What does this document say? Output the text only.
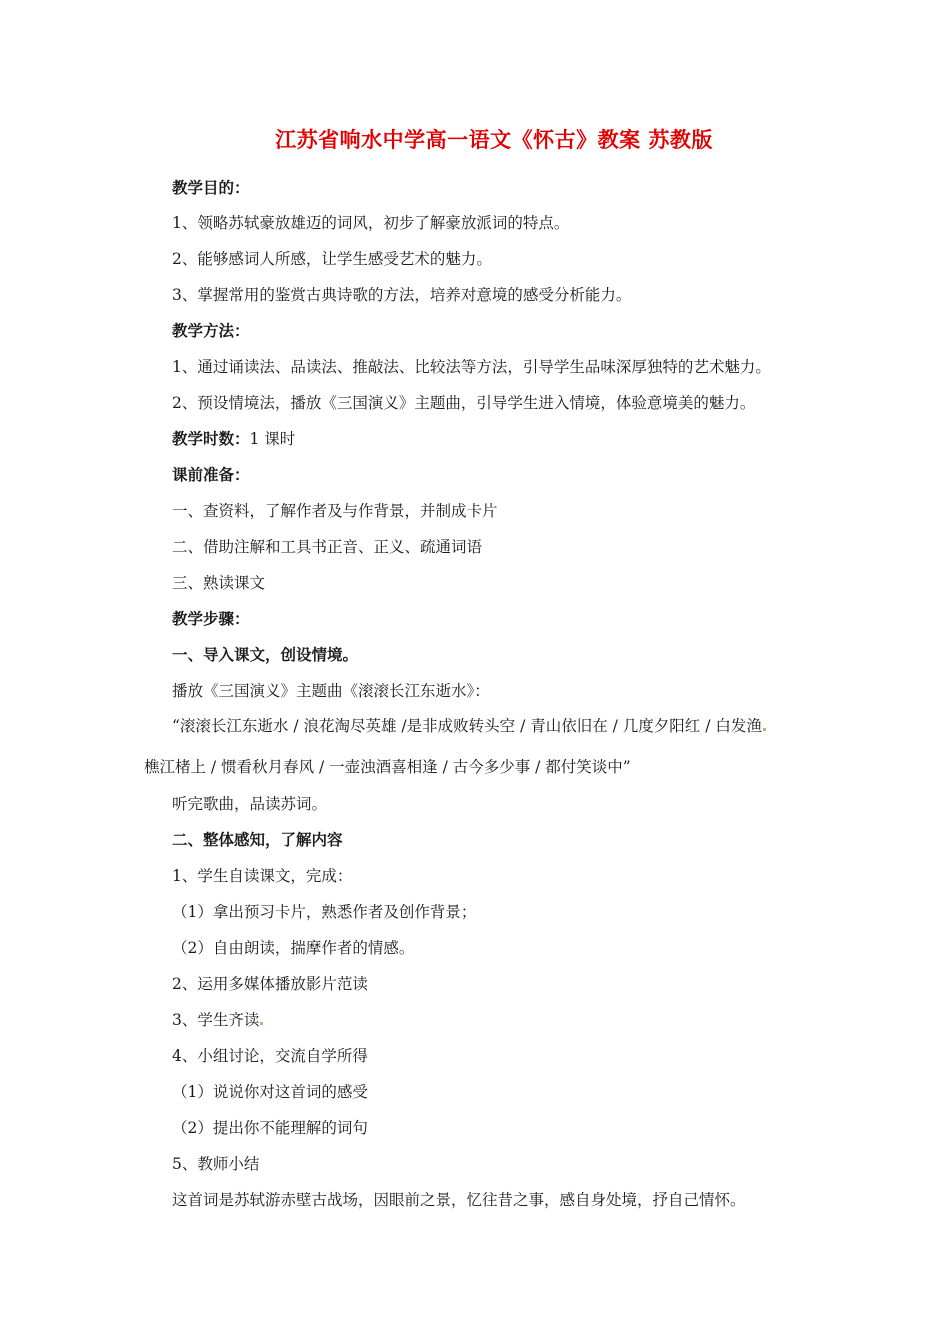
江苏省响水中学高一语文《怀古》教案 苏教版
教学目的：
1、领略苏轼豪放雄迈的词风，初步了解豪放派词的特点。
2、能够感词人所感，让学生感受艺术的魅力。
3、掌握常用的鉴赏古典诗歌的方法，培养对意境的感受分析能力。
教学方法：
1、通过诵读法、品读法、推敲法、比较法等方法，引导学生品味深厚独特的艺术魅力。
2、预设情境法，播放《三国演义》主题曲，引导学生进入情境，体验意境美的魅力。
教学时数：1 课时
课前准备：
一、查资料，了解作者及与作背景，并制成卡片
二、借助注解和工具书正音、正义、疏通词语
三、熟读课文
教学步骤：
一、导入课文，创设情境。
播放《三国演义》主题曲《滚滚长江东逝水》：
“滚滚长江东逝水 / 浪花淘尽英雄 /是非成败转头空 / 青山依旧在 / 几度夕阳红 / 白发渔
樵江楮上 / 惯看秋月春风 / 一壶浊酒喜相逢 / 古今多少事 / 都付笑谈中”
听完歌曲，品读苏词。
二、整体感知，了解内容
1、学生自读课文，完成：
（1）拿出预习卡片，熟悉作者及创作背景；
（2）自由朗读，揣摩作者的情感。
2、运用多媒体播放影片范读
3、学生齐读
4、小组讨论，交流自学所得
（1）说说你对这首词的感受
（2）提出你不能理解的词句
5、教师小结
这首词是苏轼游赤壁古战场，因眼前之景，忆往昔之事，感自身处境，抒自己情怀。
